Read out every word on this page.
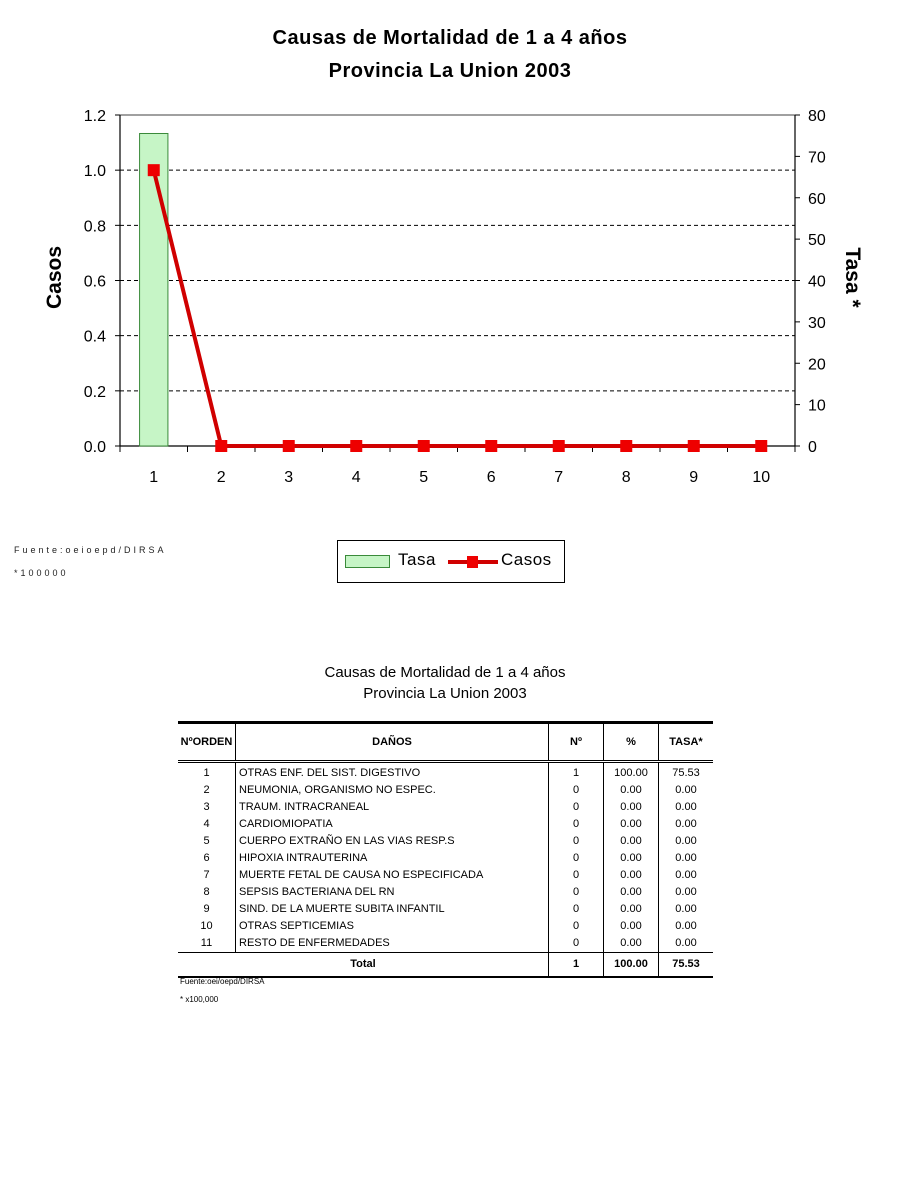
Causas de Mortalidad de 1 a 4 años
Provincia La Union 2003
0.0
0.2
0.4
0.6
0.8
1.0
1.2
0
10
20
30
40
50
60
70
80
1	2	3	4	5	6	7	8	9	10
Casos	Tasa *
Fuente:oeioepd/DIRSA
*100000
Tasa	Casos
Causas de Mortalidad de 1 a 4 años
Provincia La Union 2003
NºORDEN	DAÑOS	Nº	%	TASA*
1	OTRAS ENF. DEL SIST. DIGESTIVO	1	100.00	75.53
2	NEUMONIA, ORGANISMO NO ESPEC.	0	0.00	0.00
3	TRAUM. INTRACRANEAL	0	0.00	0.00
4	CARDIOMIOPATIA	0	0.00	0.00
5	CUERPO EXTRAÑO EN LAS VIAS RESP.S	0	0.00	0.00
6	HIPOXIA INTRAUTERINA	0	0.00	0.00
7	MUERTE FETAL DE CAUSA NO ESPECIFICADA	0	0.00	0.00
8	SEPSIS BACTERIANA DEL RN	0	0.00	0.00
9	SIND. DE LA MUERTE SUBITA INFANTIL	0	0.00	0.00
10	OTRAS SEPTICEMIAS	0	0.00	0.00
11	RESTO DE ENFERMEDADES	0	0.00	0.00
Total		1	100.00	75.53
Fuente:oei/oepd/DIRSA
* x100,000
